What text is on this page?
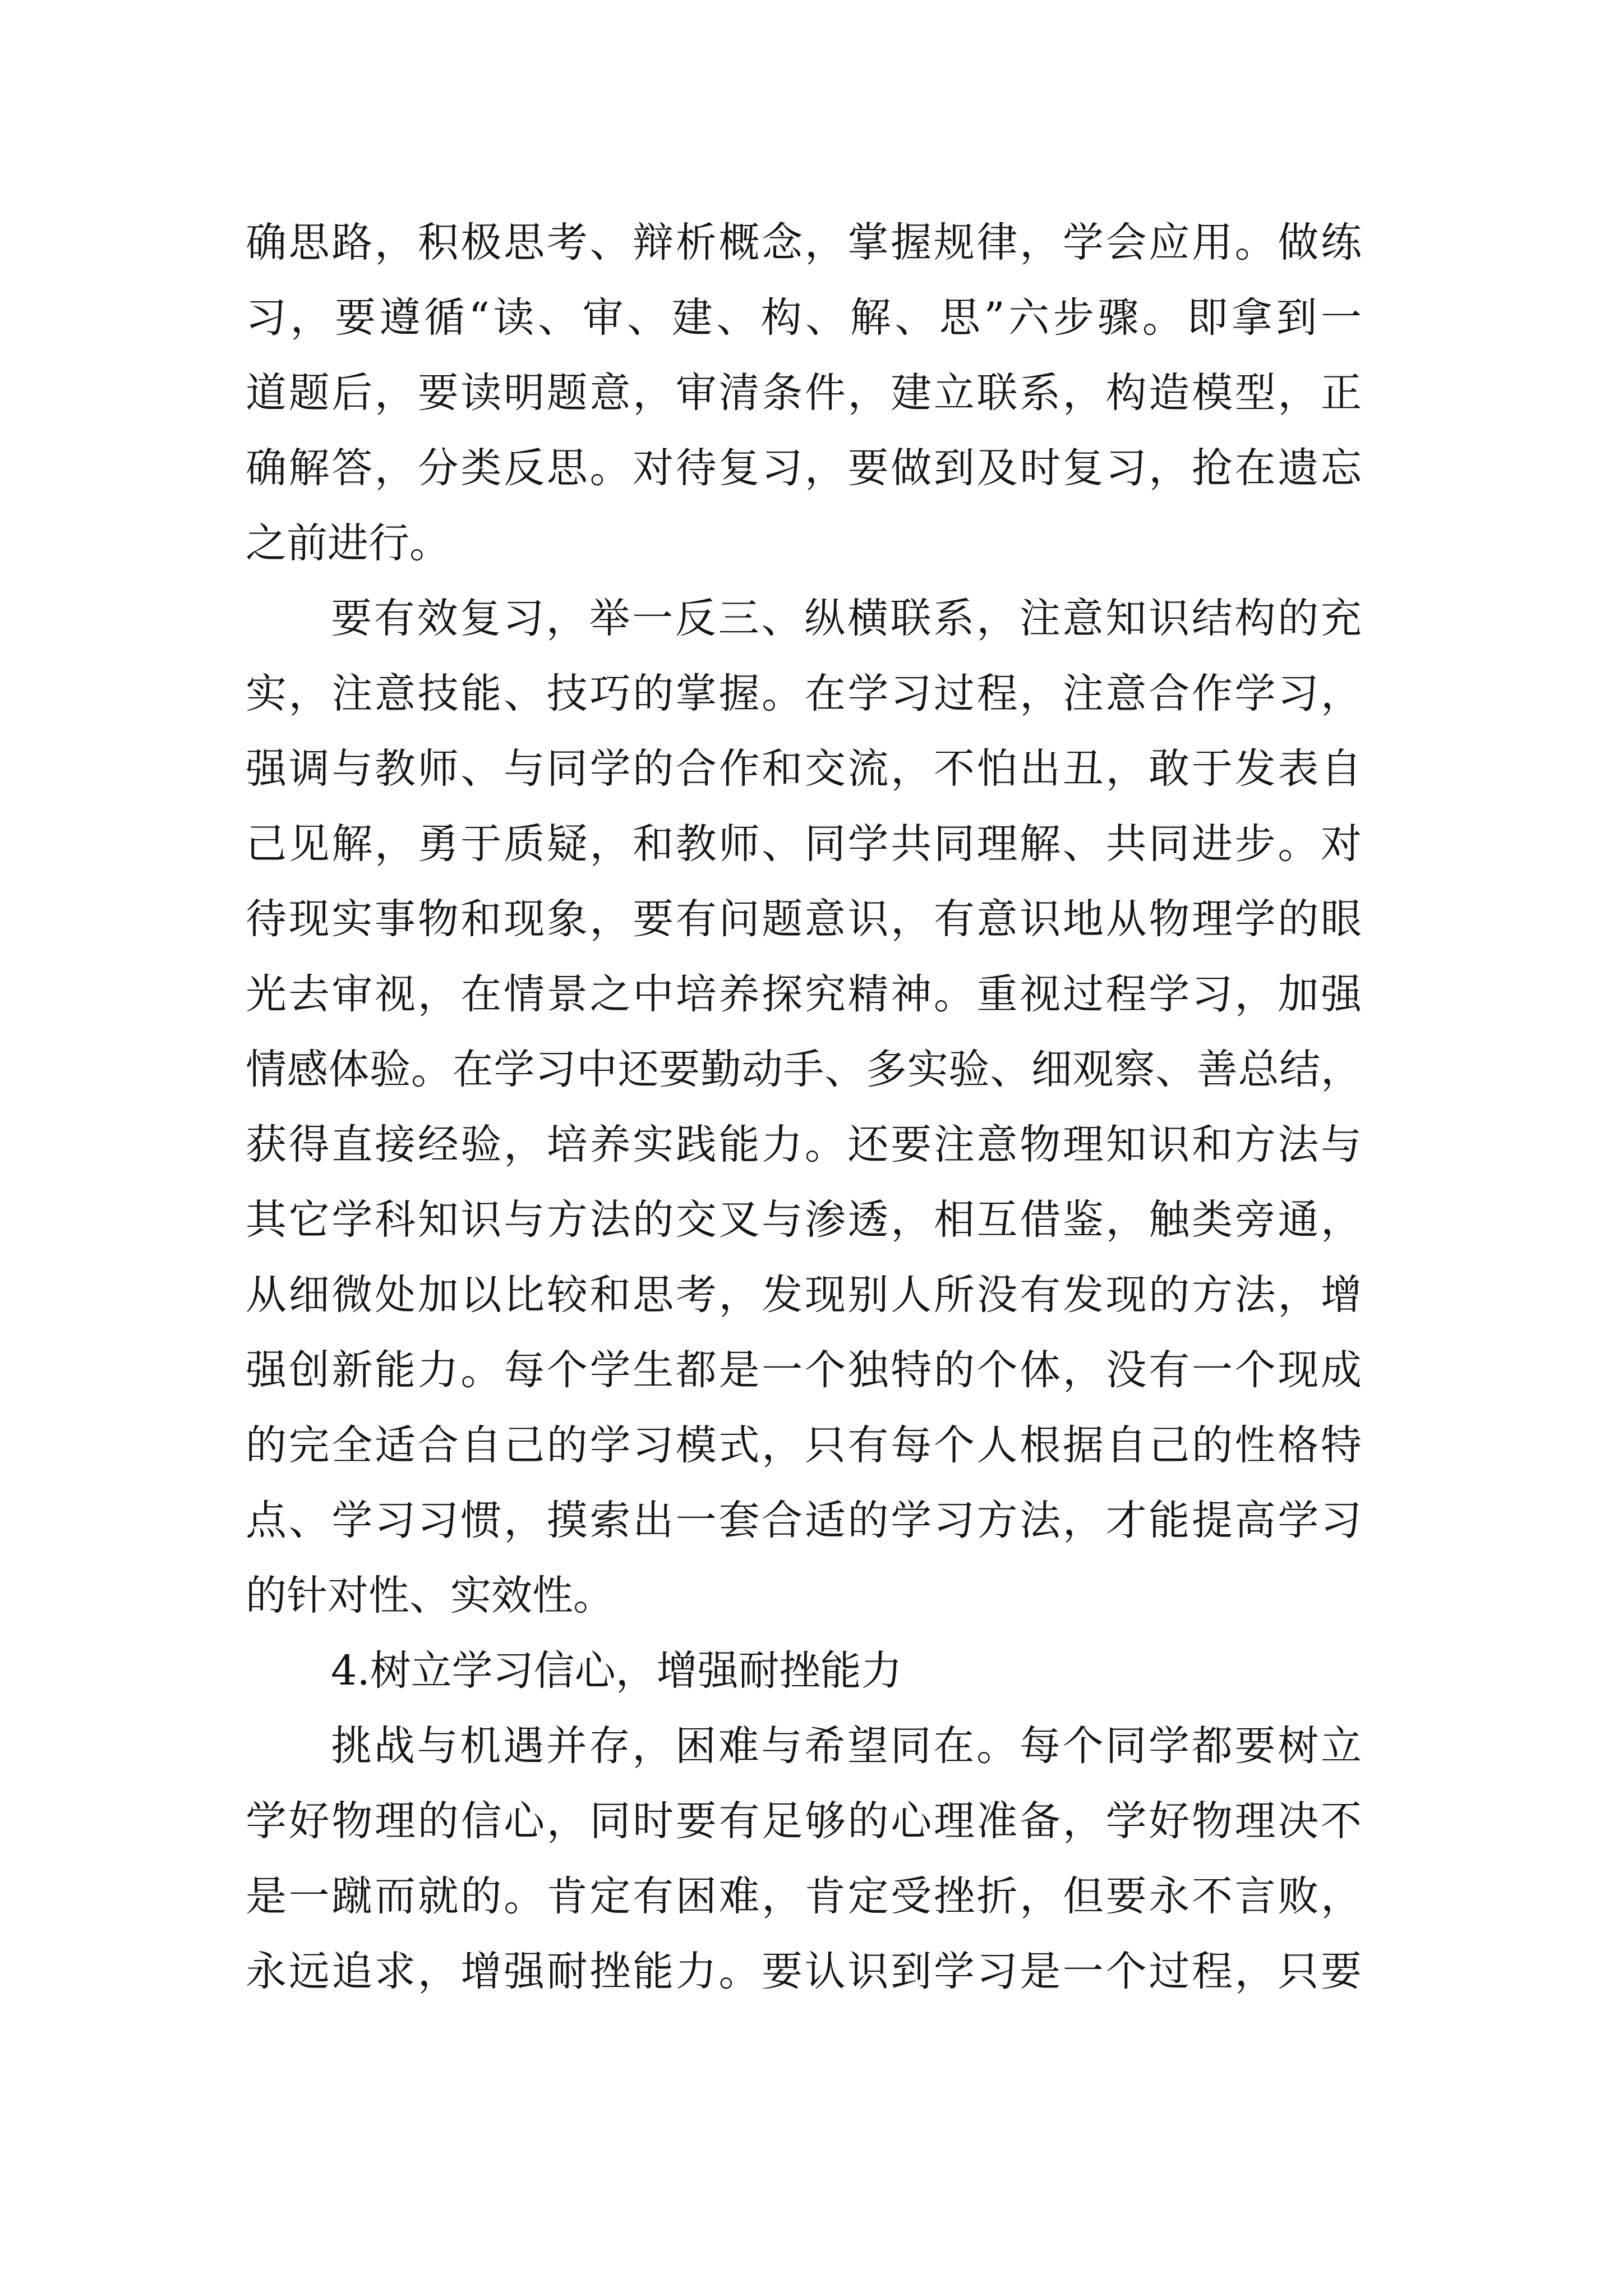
确思路，积极思考、辩析概念，掌握规律，学会应用。做练
习，要遵循“读、审、建、构、解、思”六步骤。即拿到一
道题后，要读明题意，审清条件，建立联系，构造模型，正
确解答，分类反思。对待复习，要做到及时复习，抢在遗忘
之前进行。
要有效复习，举一反三、纵横联系，注意知识结构的充
实，注意技能、技巧的掌握。在学习过程，注意合作学习，
强调与教师、与同学的合作和交流，不怕出丑，敢于发表自
己见解，勇于质疑，和教师、同学共同理解、共同进步。对
待现实事物和现象，要有问题意识，有意识地从物理学的眼
光去审视，在情景之中培养探究精神。重视过程学习，加强
情感体验。在学习中还要勤动手、多实验、细观察、善总结，
获得直接经验，培养实践能力。还要注意物理知识和方法与
其它学科知识与方法的交叉与渗透，相互借鉴，触类旁通，
从细微处加以比较和思考，发现别人所没有发现的方法，增
强创新能力。每个学生都是一个独特的个体，没有一个现成
的完全适合自己的学习模式，只有每个人根据自己的性格特
点、学习习惯，摸索出一套合适的学习方法，才能提高学习
的针对性、实效性。
4.树立学习信心，增强耐挫能力
挑战与机遇并存，困难与希望同在。每个同学都要树立
学好物理的信心，同时要有足够的心理准备，学好物理决不
是一蹴而就的。肯定有困难，肯定受挫折，但要永不言败，
永远追求，增强耐挫能力。要认识到学习是一个过程，只要
